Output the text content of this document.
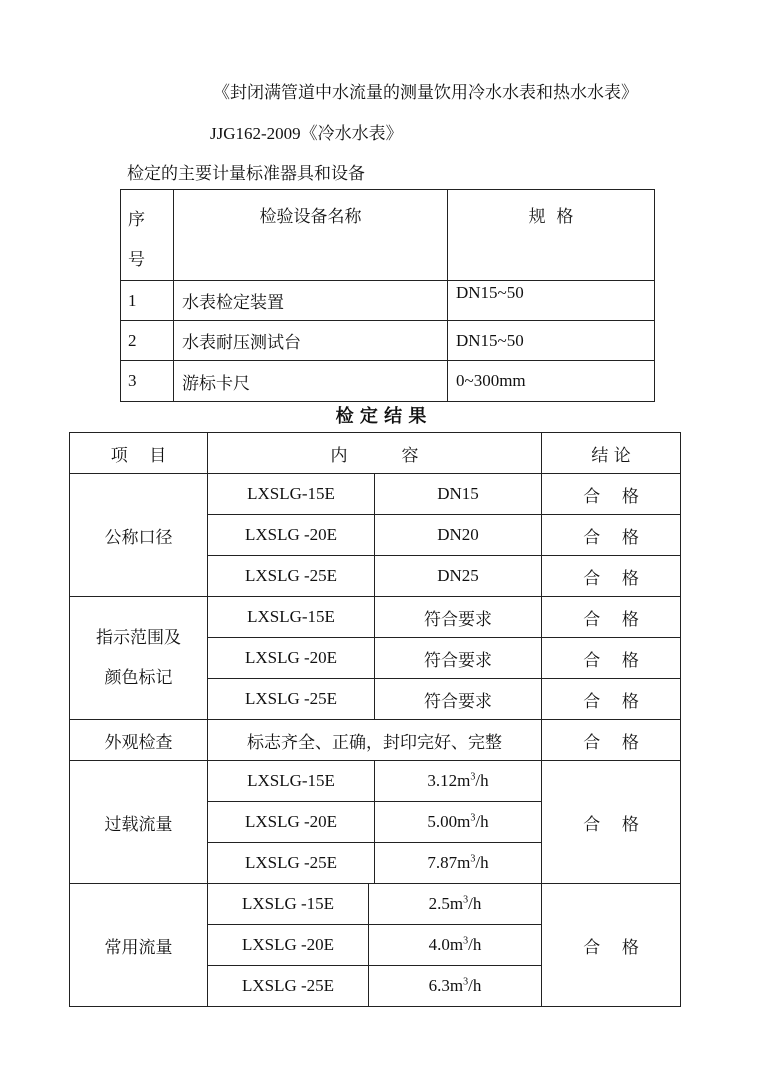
《封闭满管道中水流量的测量饮用冷水水表和热水水表》
JJG162-2009《冷水水表》
检定的主要计量标准器具和设备
序
号	检验设备名称	规  格
1	水表检定装置	DN15~50
2	水表耐压测试台	DN15~50
3	游标卡尺	0~300mm
检 定 结 果
项    目	内          容			结 论
公称口径	LXSLG-15E		DN15	合    格
	LXSLG -20E		DN20	合    格
	LXSLG -25E		DN25	合    格

指示范围及
颜色标记	LXSLG-15E		符合要求	合    格
	LXSLG -20E		符合要求	合    格
	LXSLG -25E		符合要求	合    格
外观检查	标志齐全、正确，封印完好、完整			合    格
过载流量	LXSLG-15E		$3.12m^3/h$	合    格
	LXSLG -20E		$5.00m^3/h$	
	LXSLG -25E		$7.87m^3/h$	
常用流量	LXSLG -15E	$2.5m^3/h$		合    格
	LXSLG -20E	$4.0m^3/h$		
	LXSLG -25E	$6.3m^3/h$		
